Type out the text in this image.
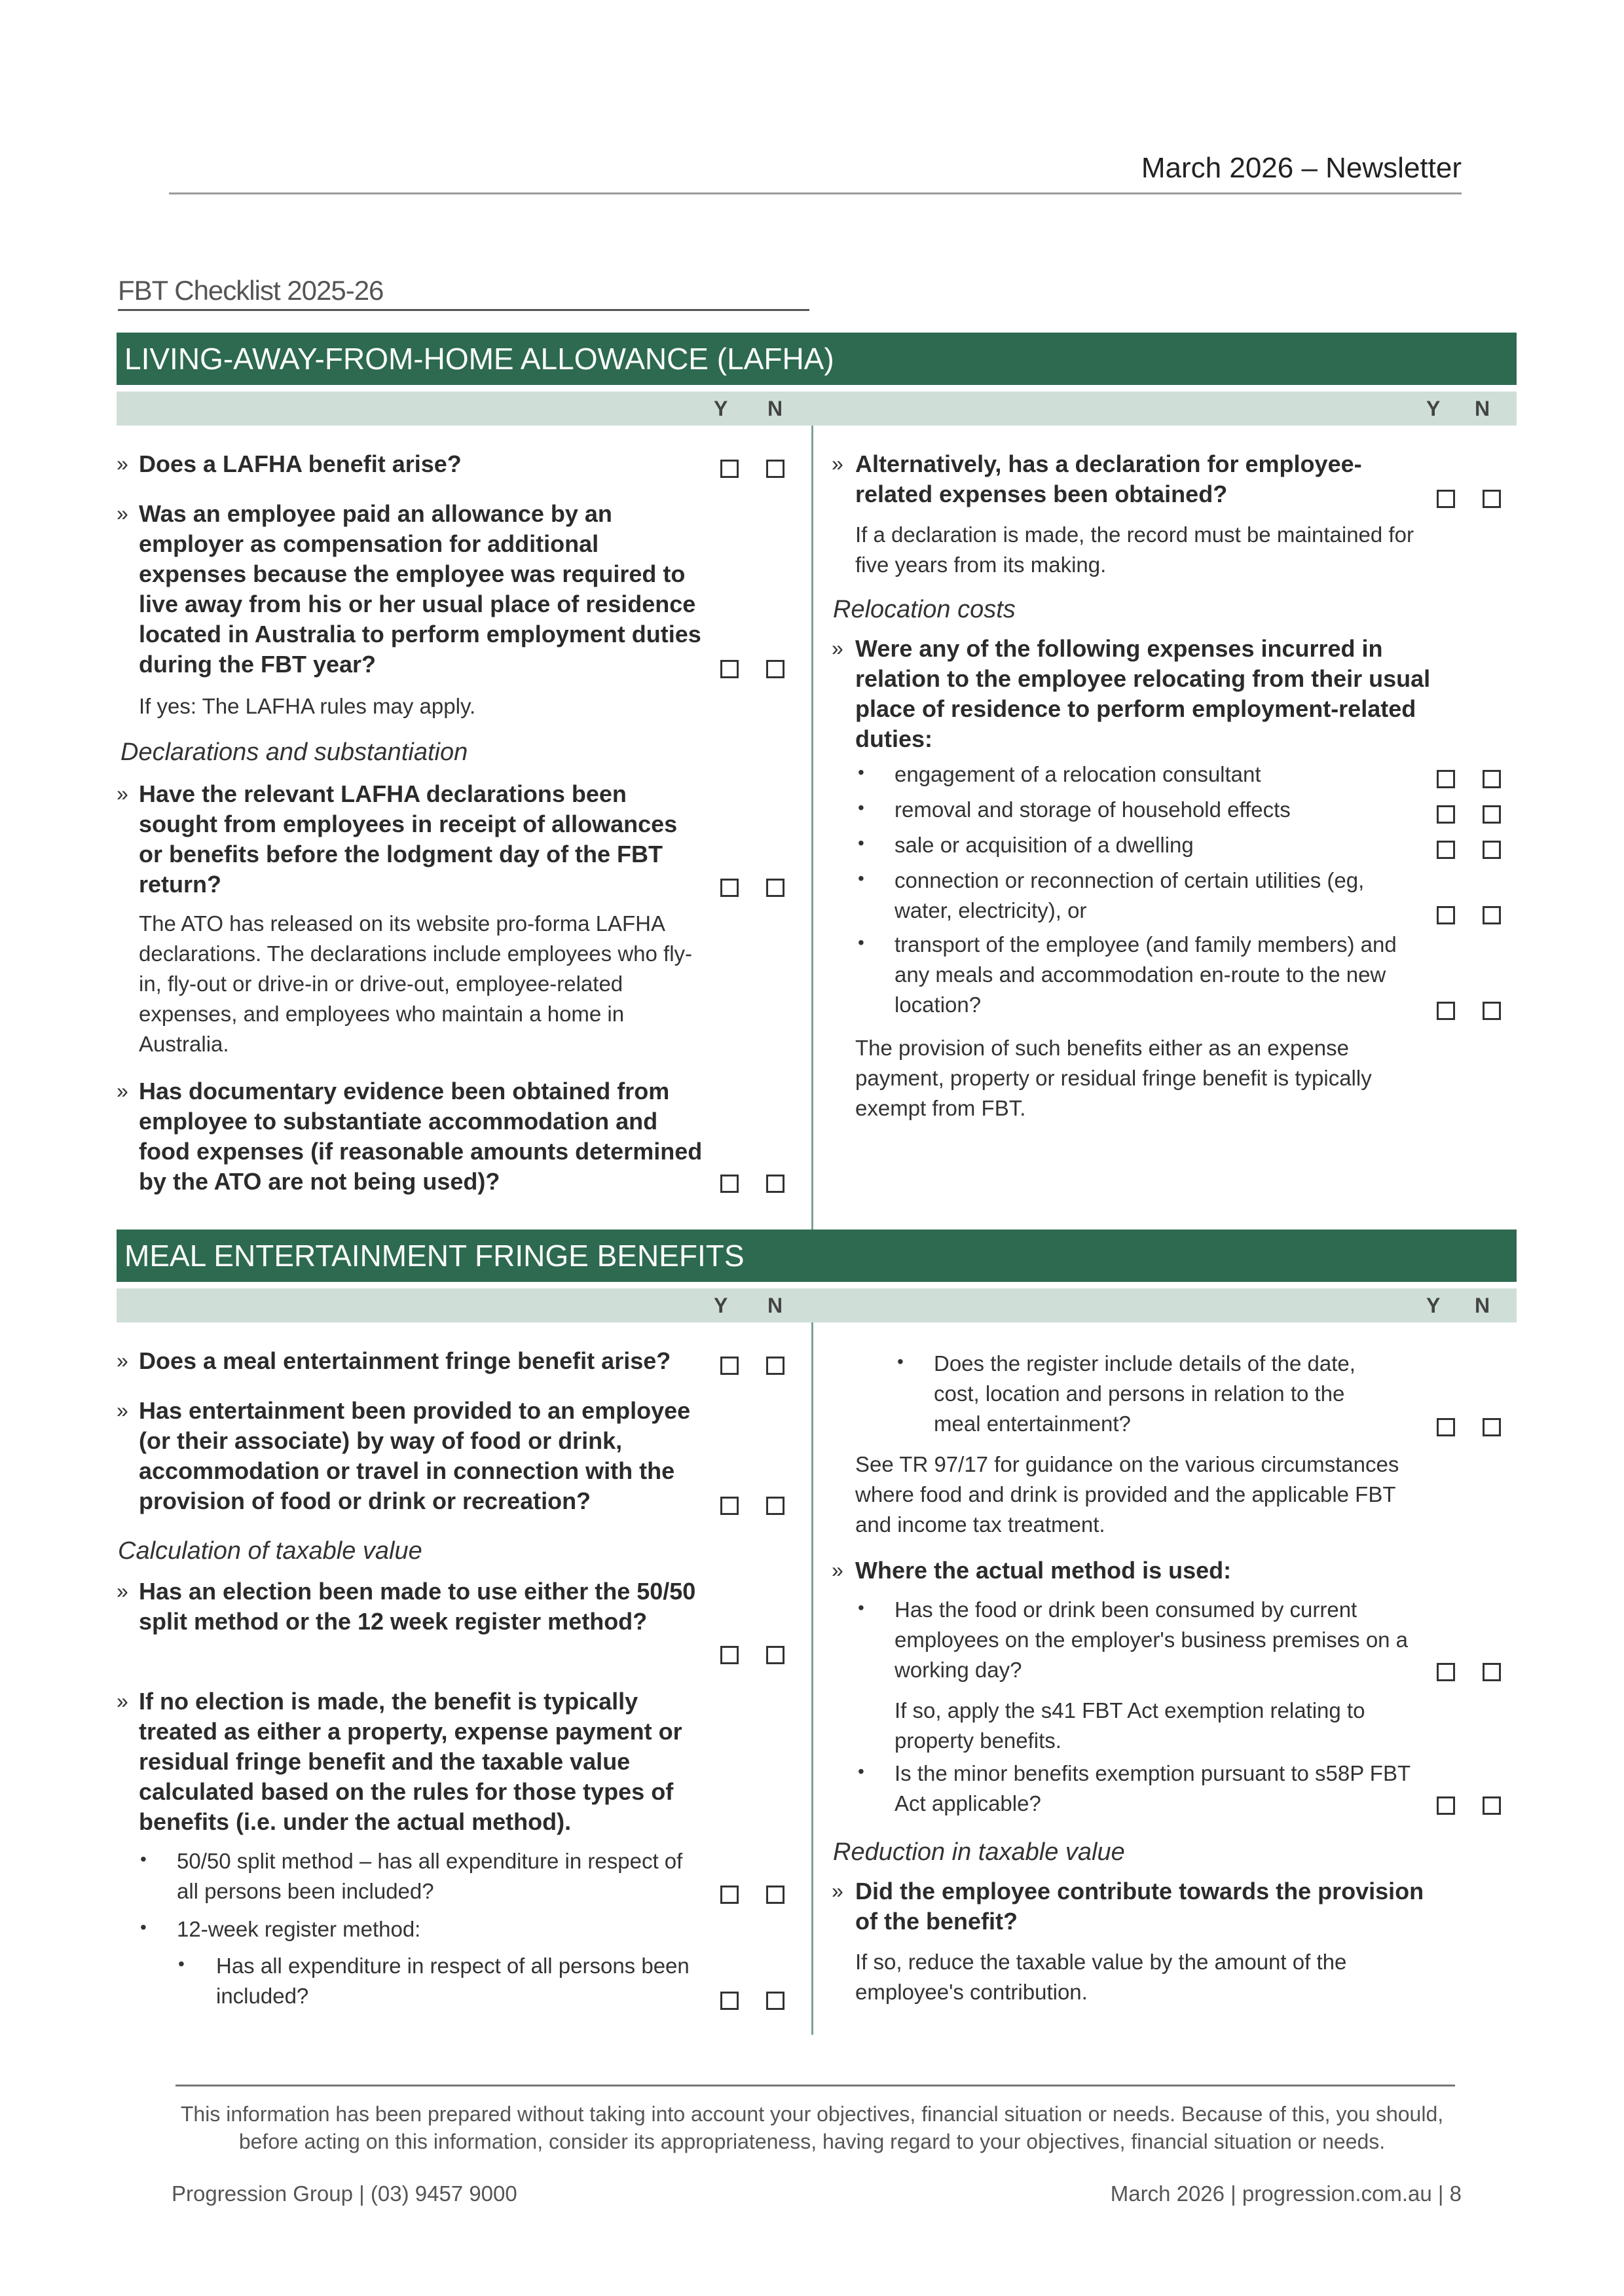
March 2026 – Newsletter
FBT Checklist 2025-26
LIVING-AWAY-FROM-HOME ALLOWANCE (LAFHA)
Y N	Y N
» Does a LAFHA benefit arise?
» Was an employee paid an allowance by an employer as compensation for additional expenses because the employee was required to live away from his or her usual place of residence located in Australia to perform employment duties during the FBT year?
If yes: The LAFHA rules may apply.
Declarations and substantiation
» Have the relevant LAFHA declarations been sought from employees in receipt of allowances or benefits before the lodgment day of the FBT return?
The ATO has released on its website pro-forma LAFHA declarations. The declarations include employees who fly-in, fly-out or drive-in or drive-out, employee-related expenses, and employees who maintain a home in Australia.
» Has documentary evidence been obtained from employee to substantiate accommodation and food expenses (if reasonable amounts determined by the ATO are not being used)?
» Alternatively, has a declaration for employee-related expenses been obtained?
If a declaration is made, the record must be maintained for five years from its making.
Relocation costs
» Were any of the following expenses incurred in relation to the employee relocating from their usual place of residence to perform employment-related duties:
• engagement of a relocation consultant
• removal and storage of household effects
• sale or acquisition of a dwelling
• connection or reconnection of certain utilities (eg, water, electricity), or
• transport of the employee (and family members) and any meals and accommodation en-route to the new location?
The provision of such benefits either as an expense payment, property or residual fringe benefit is typically exempt from FBT.
MEAL ENTERTAINMENT FRINGE BENEFITS
Y N	Y N
» Does a meal entertainment fringe benefit arise?
» Has entertainment been provided to an employee (or their associate) by way of food or drink, accommodation or travel in connection with the provision of food or drink or recreation?
Calculation of taxable value
» Has an election been made to use either the 50/50 split method or the 12 week register method?
» If no election is made, the benefit is typically treated as either a property, expense payment or residual fringe benefit and the taxable value calculated based on the rules for those types of benefits (i.e. under the actual method).
• 50/50 split method – has all expenditure in respect of all persons been included?
• 12-week register method:
• Has all expenditure in respect of all persons been included?
• Does the register include details of the date, cost, location and persons in relation to the meal entertainment?
See TR 97/17 for guidance on the various circumstances where food and drink is provided and the applicable FBT and income tax treatment.
» Where the actual method is used:
• Has the food or drink been consumed by current employees on the employer's business premises on a working day?
If so, apply the s41 FBT Act exemption relating to property benefits.
• Is the minor benefits exemption pursuant to s58P FBT Act applicable?
Reduction in taxable value
» Did the employee contribute towards the provision of the benefit?
If so, reduce the taxable value by the amount of the employee's contribution.
This information has been prepared without taking into account your objectives, financial situation or needs. Because of this, you should, before acting on this information, consider its appropriateness, having regard to your objectives, financial situation or needs.
Progression Group | (03) 9457 9000	March 2026 | progression.com.au | 8
